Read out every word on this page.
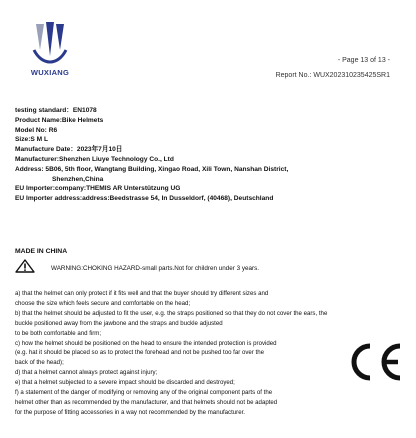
WUXIANG
- Page 13 of 13 -
Report No.: WUX202310235425SR1
testing standard：EN1078
Product Name:Bike Helmets
Model No: R6
Size:S M L
Manufacture Date：2023年7月10日
Manufacturer:Shenzhen Liuye Technology Co., Ltd
Address: 5B06, 5th floor, Wangtang Building, Xingao Road, Xili Town, Nanshan District,
Shenzhen,China
EU Importer:company:THEMIS AR Unterstützung UG
EU Importer address:address:Beedstrasse 54, In Dusseldorf, (40468), Deutschland
MADE IN CHINA
WARNING:CHOKING HAZARD-small parts.Not for children under 3 years.
a) that the helmet can only protect if it fits well and that the buyer should try different sizes and
choose the size which feels secure and comfortable on the head;
b) that the helmet should be adjusted to fit the user, e.g. the straps positioned so that they do not cover the ears, the
buckle positioned away from the jawbone and the straps and buckle adjusted
to be both comfortable and firm;
c) how the helmet should be positioned on the head to ensure the intended protection is provided
(e.g. hat it should be placed so as to protect the forehead and not be pushed too far over the
back of the head);
d) that a helmet cannot always protect against injury;
e) that a helmet subjected to a severe impact should be discarded and destroyed;
f) a statement of the danger of modifying or removing any of the original component parts of the
helmet other than as recommended by the manufacturer, and that helmets should not be adapted
for the purpose of fitting accessories in a way not recommended by the manufacturer.
